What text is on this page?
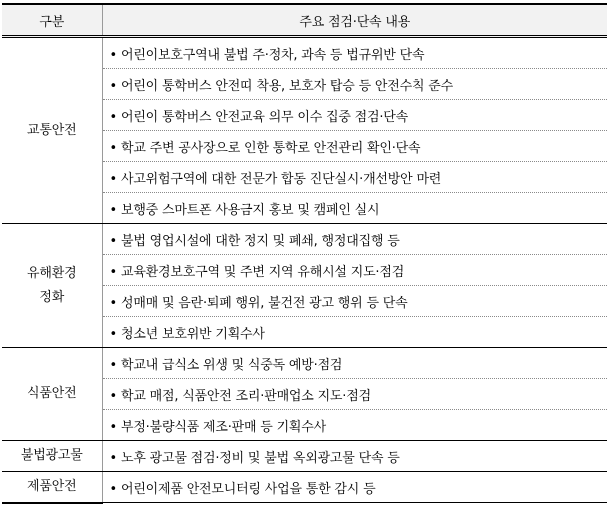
구분	주요 점검·단속 내용

교통안전	• 어린이보호구역내 불법 주·정차, 과속 등 법규위반 단속
	• 어린이 통학버스 안전띠 착용, 보호자 탑승 등 안전수칙 준수
	• 어린이 통학버스 안전교육 의무 이수 집중 점검·단속
	• 학교 주변 공사장으로 인한 통학로 안전관리 확인·단속
	• 사고위험구역에 대한 전문가 합동 진단실시·개선방안 마련
	• 보행중 스마트폰 사용금지 홍보 및 캠페인 실시

유해환경
정화	• 불법 영업시설에 대한 정지 및 폐쇄, 행정대집행 등
	• 교육환경보호구역 및 주변 지역 유해시설 지도·점검
	• 성매매 및 음란·퇴폐 행위, 불건전 광고 행위 등 단속
	• 청소년 보호위반 기획수사

식품안전	• 학교내 급식소 위생 및 식중독 예방·점검
	• 학교 매점, 식품안전 조리·판매업소 지도·점검
	• 부정·불량식품 제조·판매 등 기획수사

불법광고물	• 노후 광고물 점검·정비 및 불법 옥외광고물 단속 등

제품안전	• 어린이제품 안전모니터링 사업을 통한 감시 등
